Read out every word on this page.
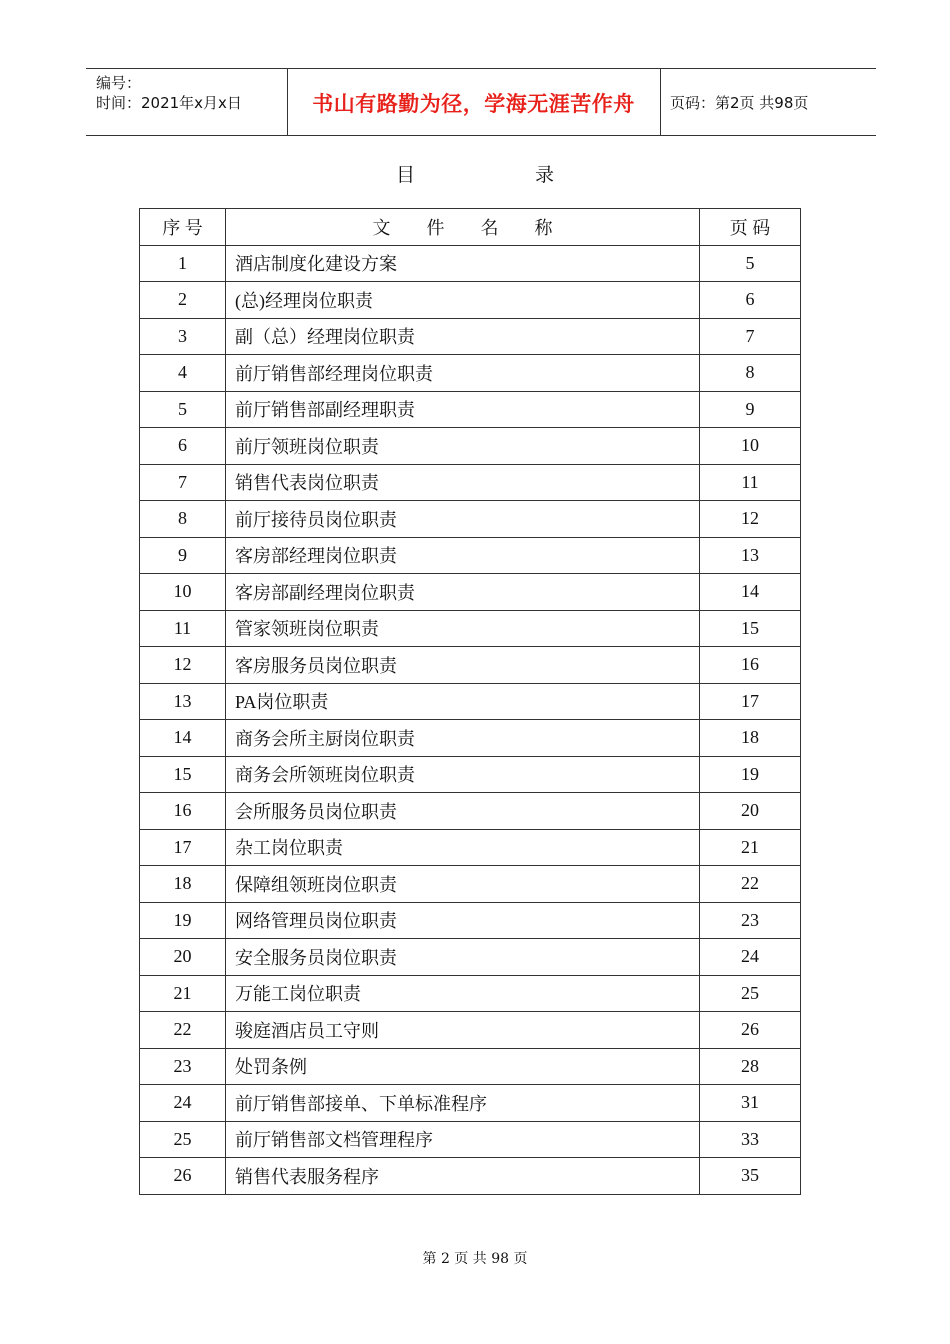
编号：
时间：2021年x月x日	书山有路勤为径，学海无涯苦作舟	页码：第2页 共98页
目	录
序 号	文　　件　　名　　称	页 码
1	酒店制度化建设方案	5
2	(总)经理岗位职责	6
3	副（总）经理岗位职责	7
4	前厅销售部经理岗位职责	8
5	前厅销售部副经理职责	9
6	前厅领班岗位职责	10
7	销售代表岗位职责	11
8	前厅接待员岗位职责	12
9	客房部经理岗位职责	13
10	客房部副经理岗位职责	14
11	管家领班岗位职责	15
12	客房服务员岗位职责	16
13	PA岗位职责	17
14	商务会所主厨岗位职责	18
15	商务会所领班岗位职责	19
16	会所服务员岗位职责	20
17	杂工岗位职责	21
18	保障组领班岗位职责	22
19	网络管理员岗位职责	23
20	安全服务员岗位职责	24
21	万能工岗位职责	25
22	骏庭酒店员工守则	26
23	处罚条例	28
24	前厅销售部接单、下单标准程序	31
25	前厅销售部文档管理程序	33
26	销售代表服务程序	35
第 2 页 共 98 页
